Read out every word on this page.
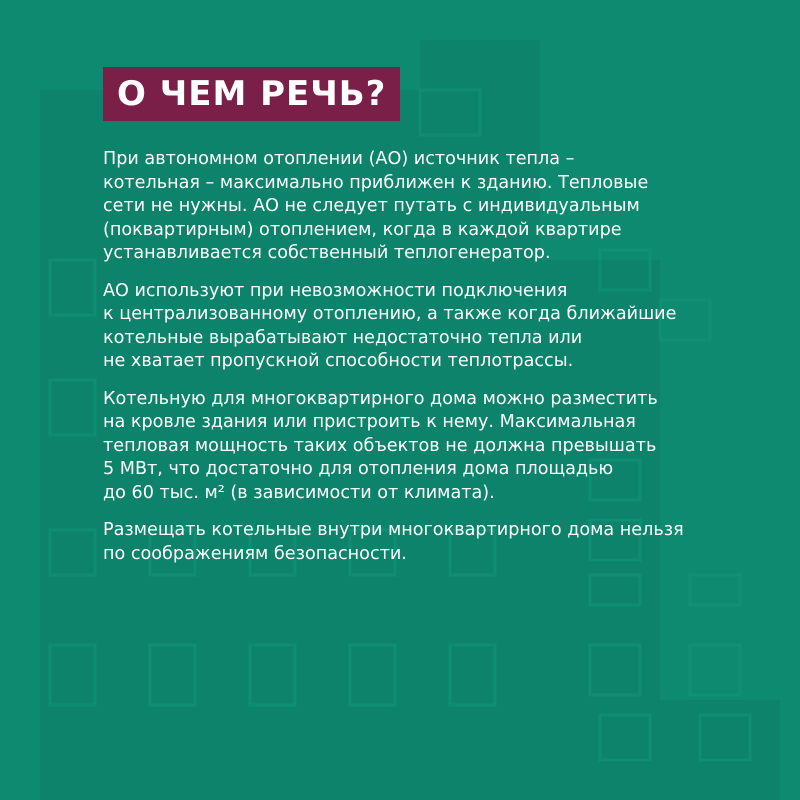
О ЧЕМ РЕЧЬ?

При автономном отоплении (АО) источник тепла –
котельная – максимально приближен к зданию. Тепловые
сети не нужны. АО не следует путать с индивидуальным
(поквартирным) отоплением, когда в каждой квартире
устанавливается собственный теплогенератор.

АО используют при невозможности подключения
к централизованному отоплению, а также когда ближайшие
котельные вырабатывают недостаточно тепла или
не хватает пропускной способности теплотрассы.

Котельную для многоквартирного дома можно разместить
на кровле здания или пристроить к нему. Максимальная
тепловая мощность таких объектов не должна превышать
5 МВт, что достаточно для отопления дома площадью
до 60 тыс. м² (в зависимости от климата).

Размещать котельные внутри многоквартирного дома нельзя
по соображениям безопасности.
